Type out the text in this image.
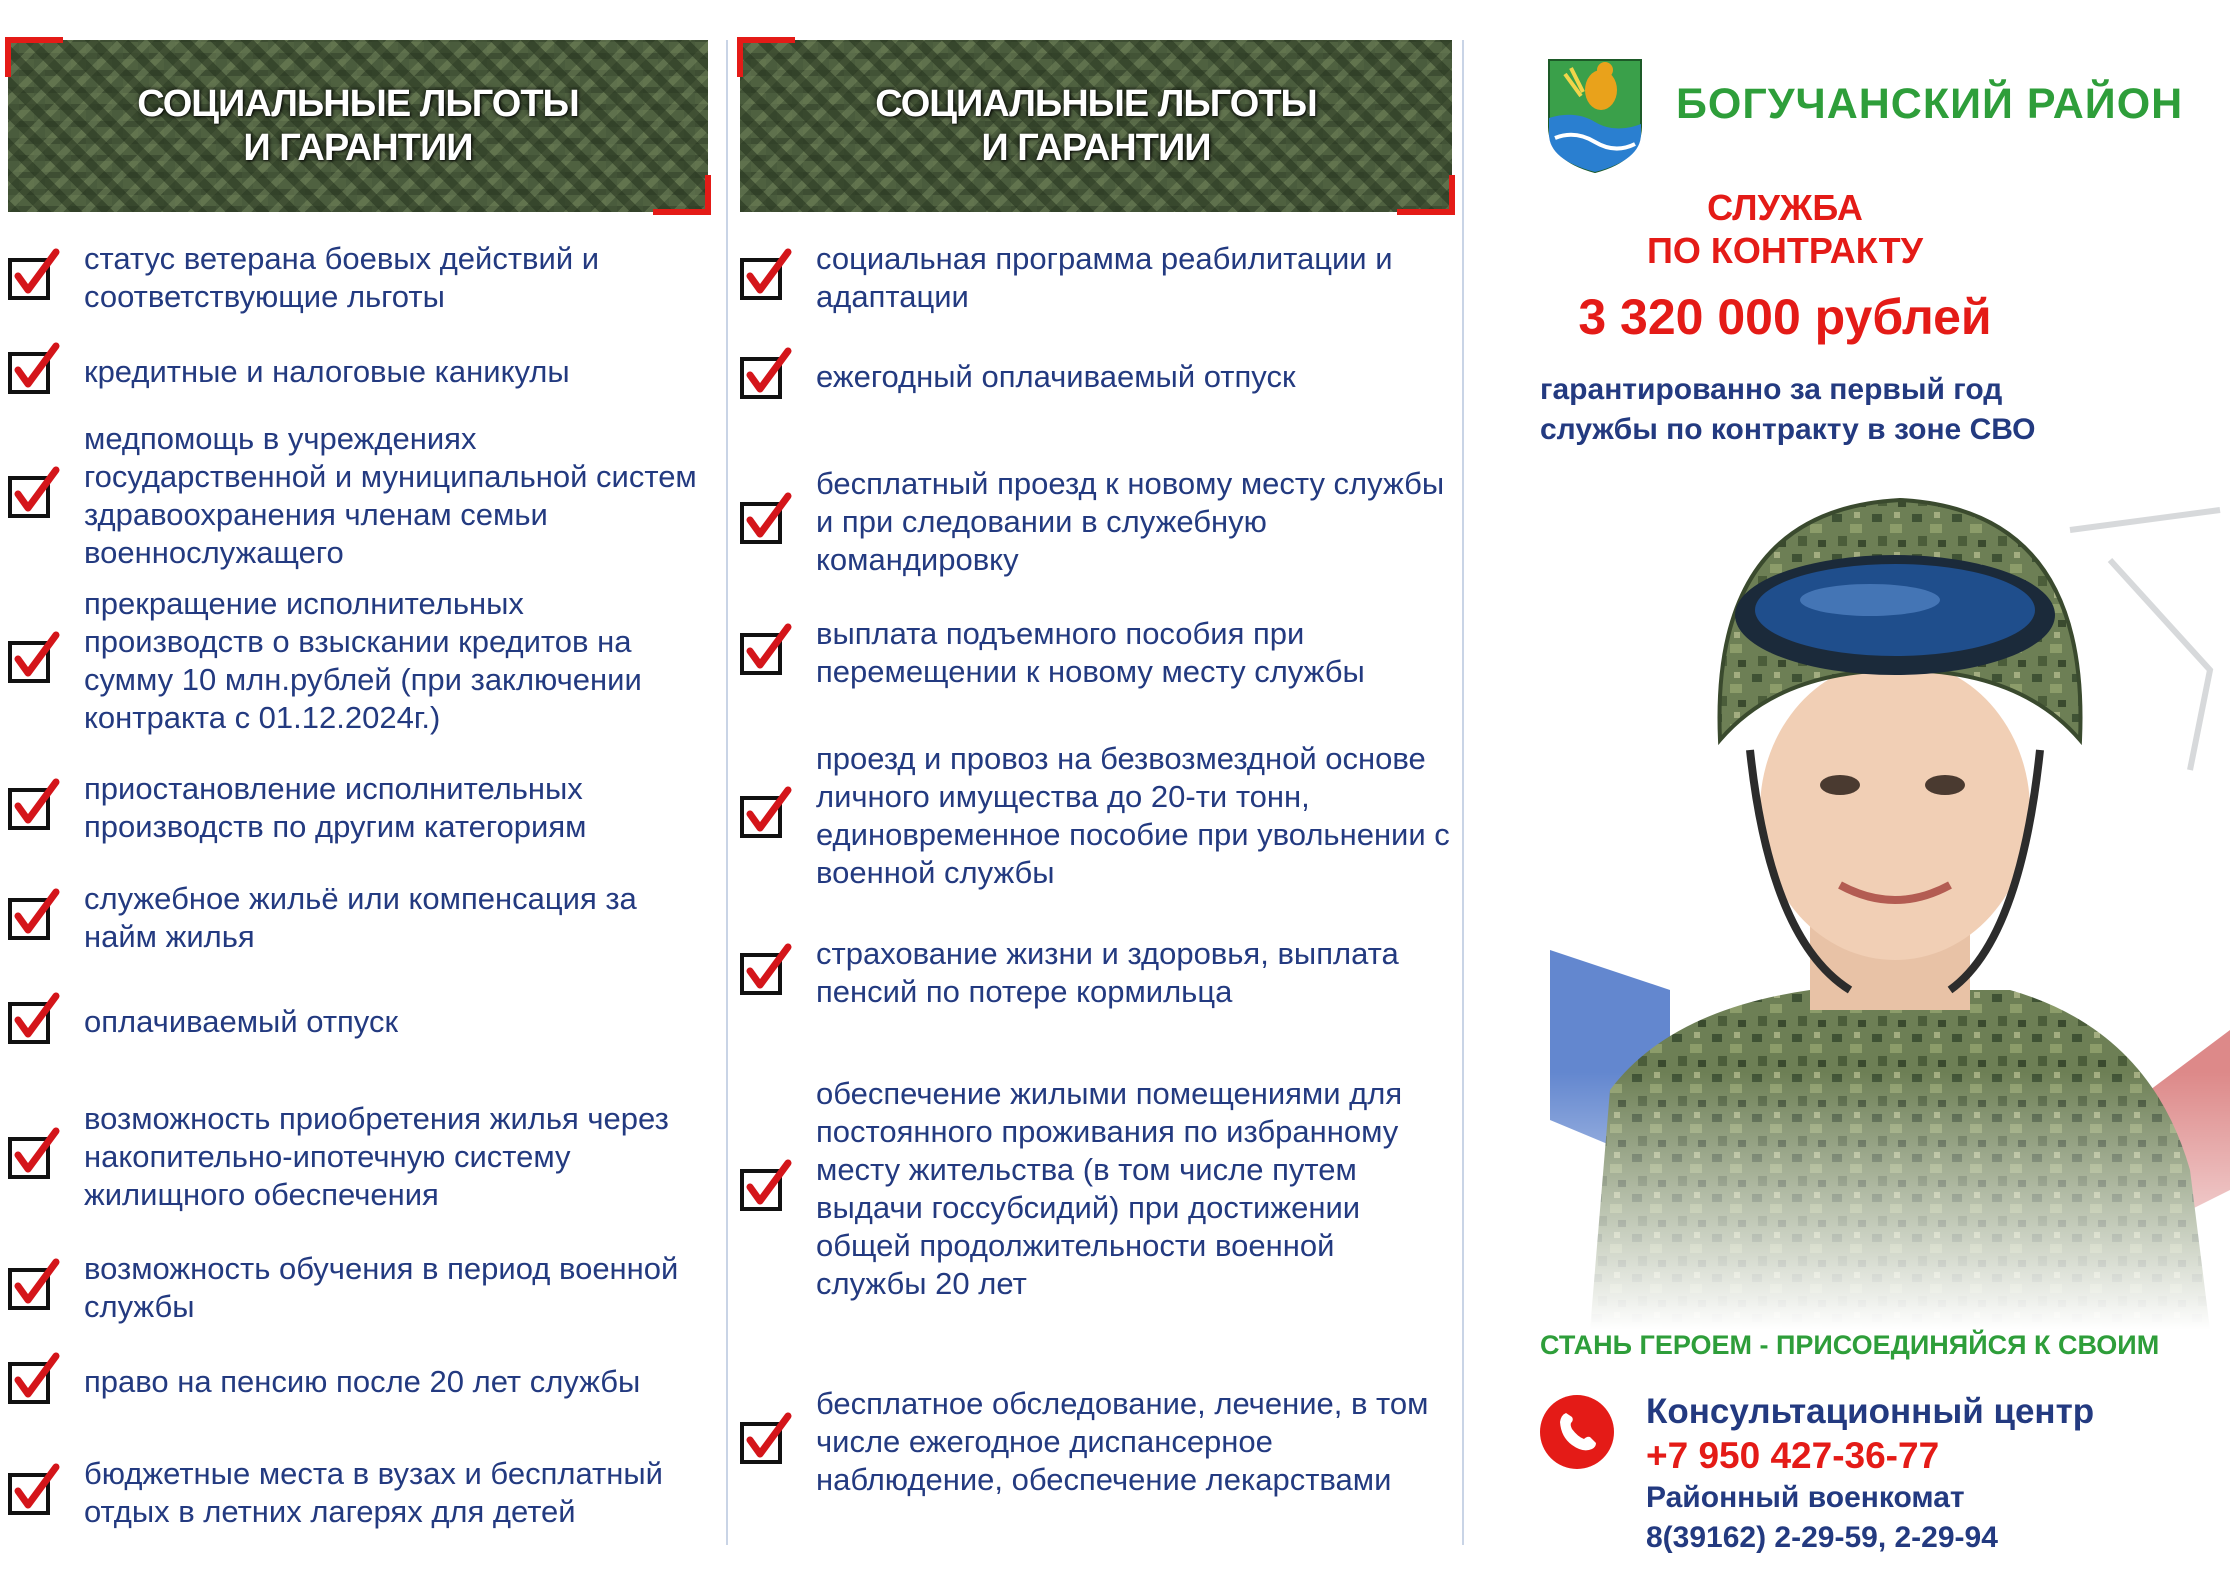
СОЦИАЛЬНЫЕ ЛЬГОТЫ
И ГАРАНТИИ
статус ветерана боевых действий и соответствующие льготы
кредитные и налоговые каникулы
медпомощь в учреждениях государственной и муниципальной систем здравоохранения членам семьи военнослужащего
прекращение исполнительных производств о взыскании кредитов на сумму 10 млн.рублей (при заключении контракта с 01.12.2024г.)
приостановление исполнительных производств по другим категориям
служебное жильё или компенсация за найм жилья
оплачиваемый отпуск
возможность приобретения жилья через накопительно-ипотечную систему жилищного обеспечения
возможность обучения в период военной службы
право на пенсию после 20 лет службы
бюджетные места в вузах и бесплатный отдых в летних лагерях для детей
СОЦИАЛЬНЫЕ ЛЬГОТЫ
И ГАРАНТИИ
социальная программа реабилитации и адаптации
ежегодный оплачиваемый отпуск
бесплатный проезд к новому месту службы и при следовании в служебную командировку
выплата подъемного пособия при перемещении к новому месту службы
проезд и провоз на безвозмездной основе личного имущества до 20-ти тонн, единовременное пособие при увольнении с военной службы
страхование жизни и здоровья, выплата пенсий по потере кормильца
обеспечение жилыми помещениями для постоянного проживания по избранному месту жительства (в том числе путем выдачи госсубсидий) при достижении общей продолжительности военной службы 20 лет
бесплатное обследование, лечение, в том числе ежегодное диспансерное наблюдение, обеспечение лекарствами
БОГУЧАНСКИЙ РАЙОН
СЛУЖБА
ПО КОНТРАКТУ
3 320 000 рублей
гарантированно за первый год
службы по контракту в зоне СВО
СТАНЬ ГЕРОЕМ - ПРИСОЕДИНЯЙСЯ К СВОИМ
Консультационный центр
+7 950 427-36-77
Районный военкомат
8(39162) 2-29-59, 2-29-94
